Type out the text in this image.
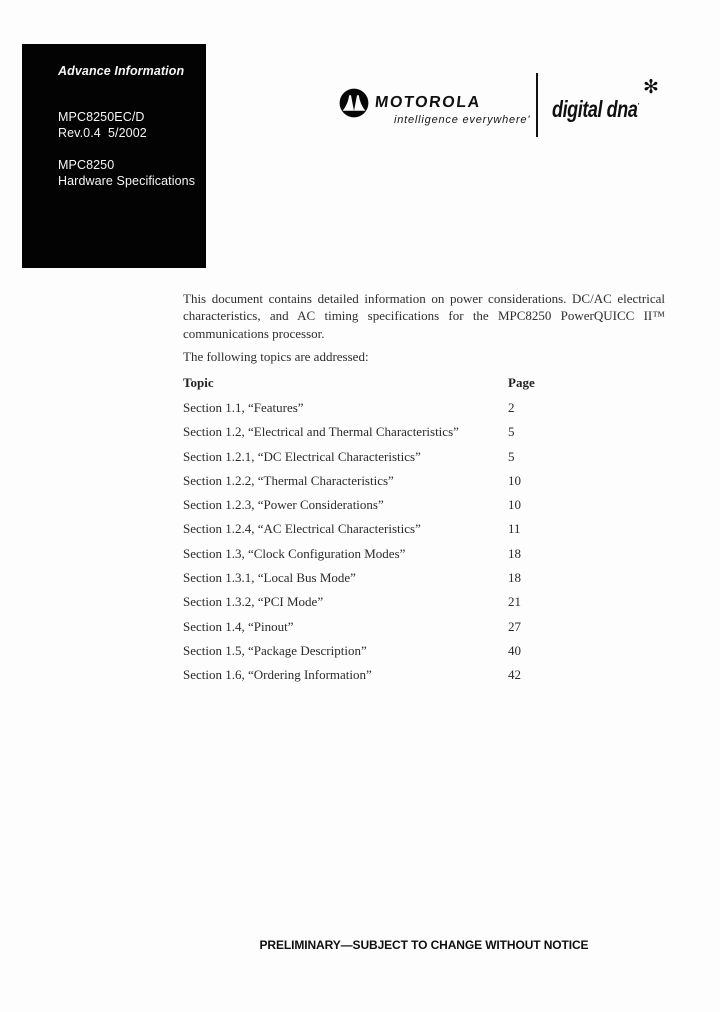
Advance Information
MPC8250EC/D
Rev.0.4  5/2002
MPC8250
Hardware Specifications
MOTOROLA
intelligence everywhere'
✻
digital dna·
This document contains detailed information on power considerations. DC/AC electrical
characteristics, and AC timing specifications for the MPC8250 PowerQUICC II™
communications processor.
The following topics are addressed:
Topic	Page
Section 1.1, “Features”	2
Section 1.2, “Electrical and Thermal Characteristics”	5
Section 1.2.1, “DC Electrical Characteristics”	5
Section 1.2.2, “Thermal Characteristics”	10
Section 1.2.3, “Power Considerations”	10
Section 1.2.4, “AC Electrical Characteristics”	11
Section 1.3, “Clock Configuration Modes”	18
Section 1.3.1, “Local Bus Mode”	18
Section 1.3.2, “PCI Mode”	21
Section 1.4, “Pinout”	27
Section 1.5, “Package Description”	40
Section 1.6, “Ordering Information”	42
PRELIMINARY—SUBJECT TO CHANGE WITHOUT NOTICE
